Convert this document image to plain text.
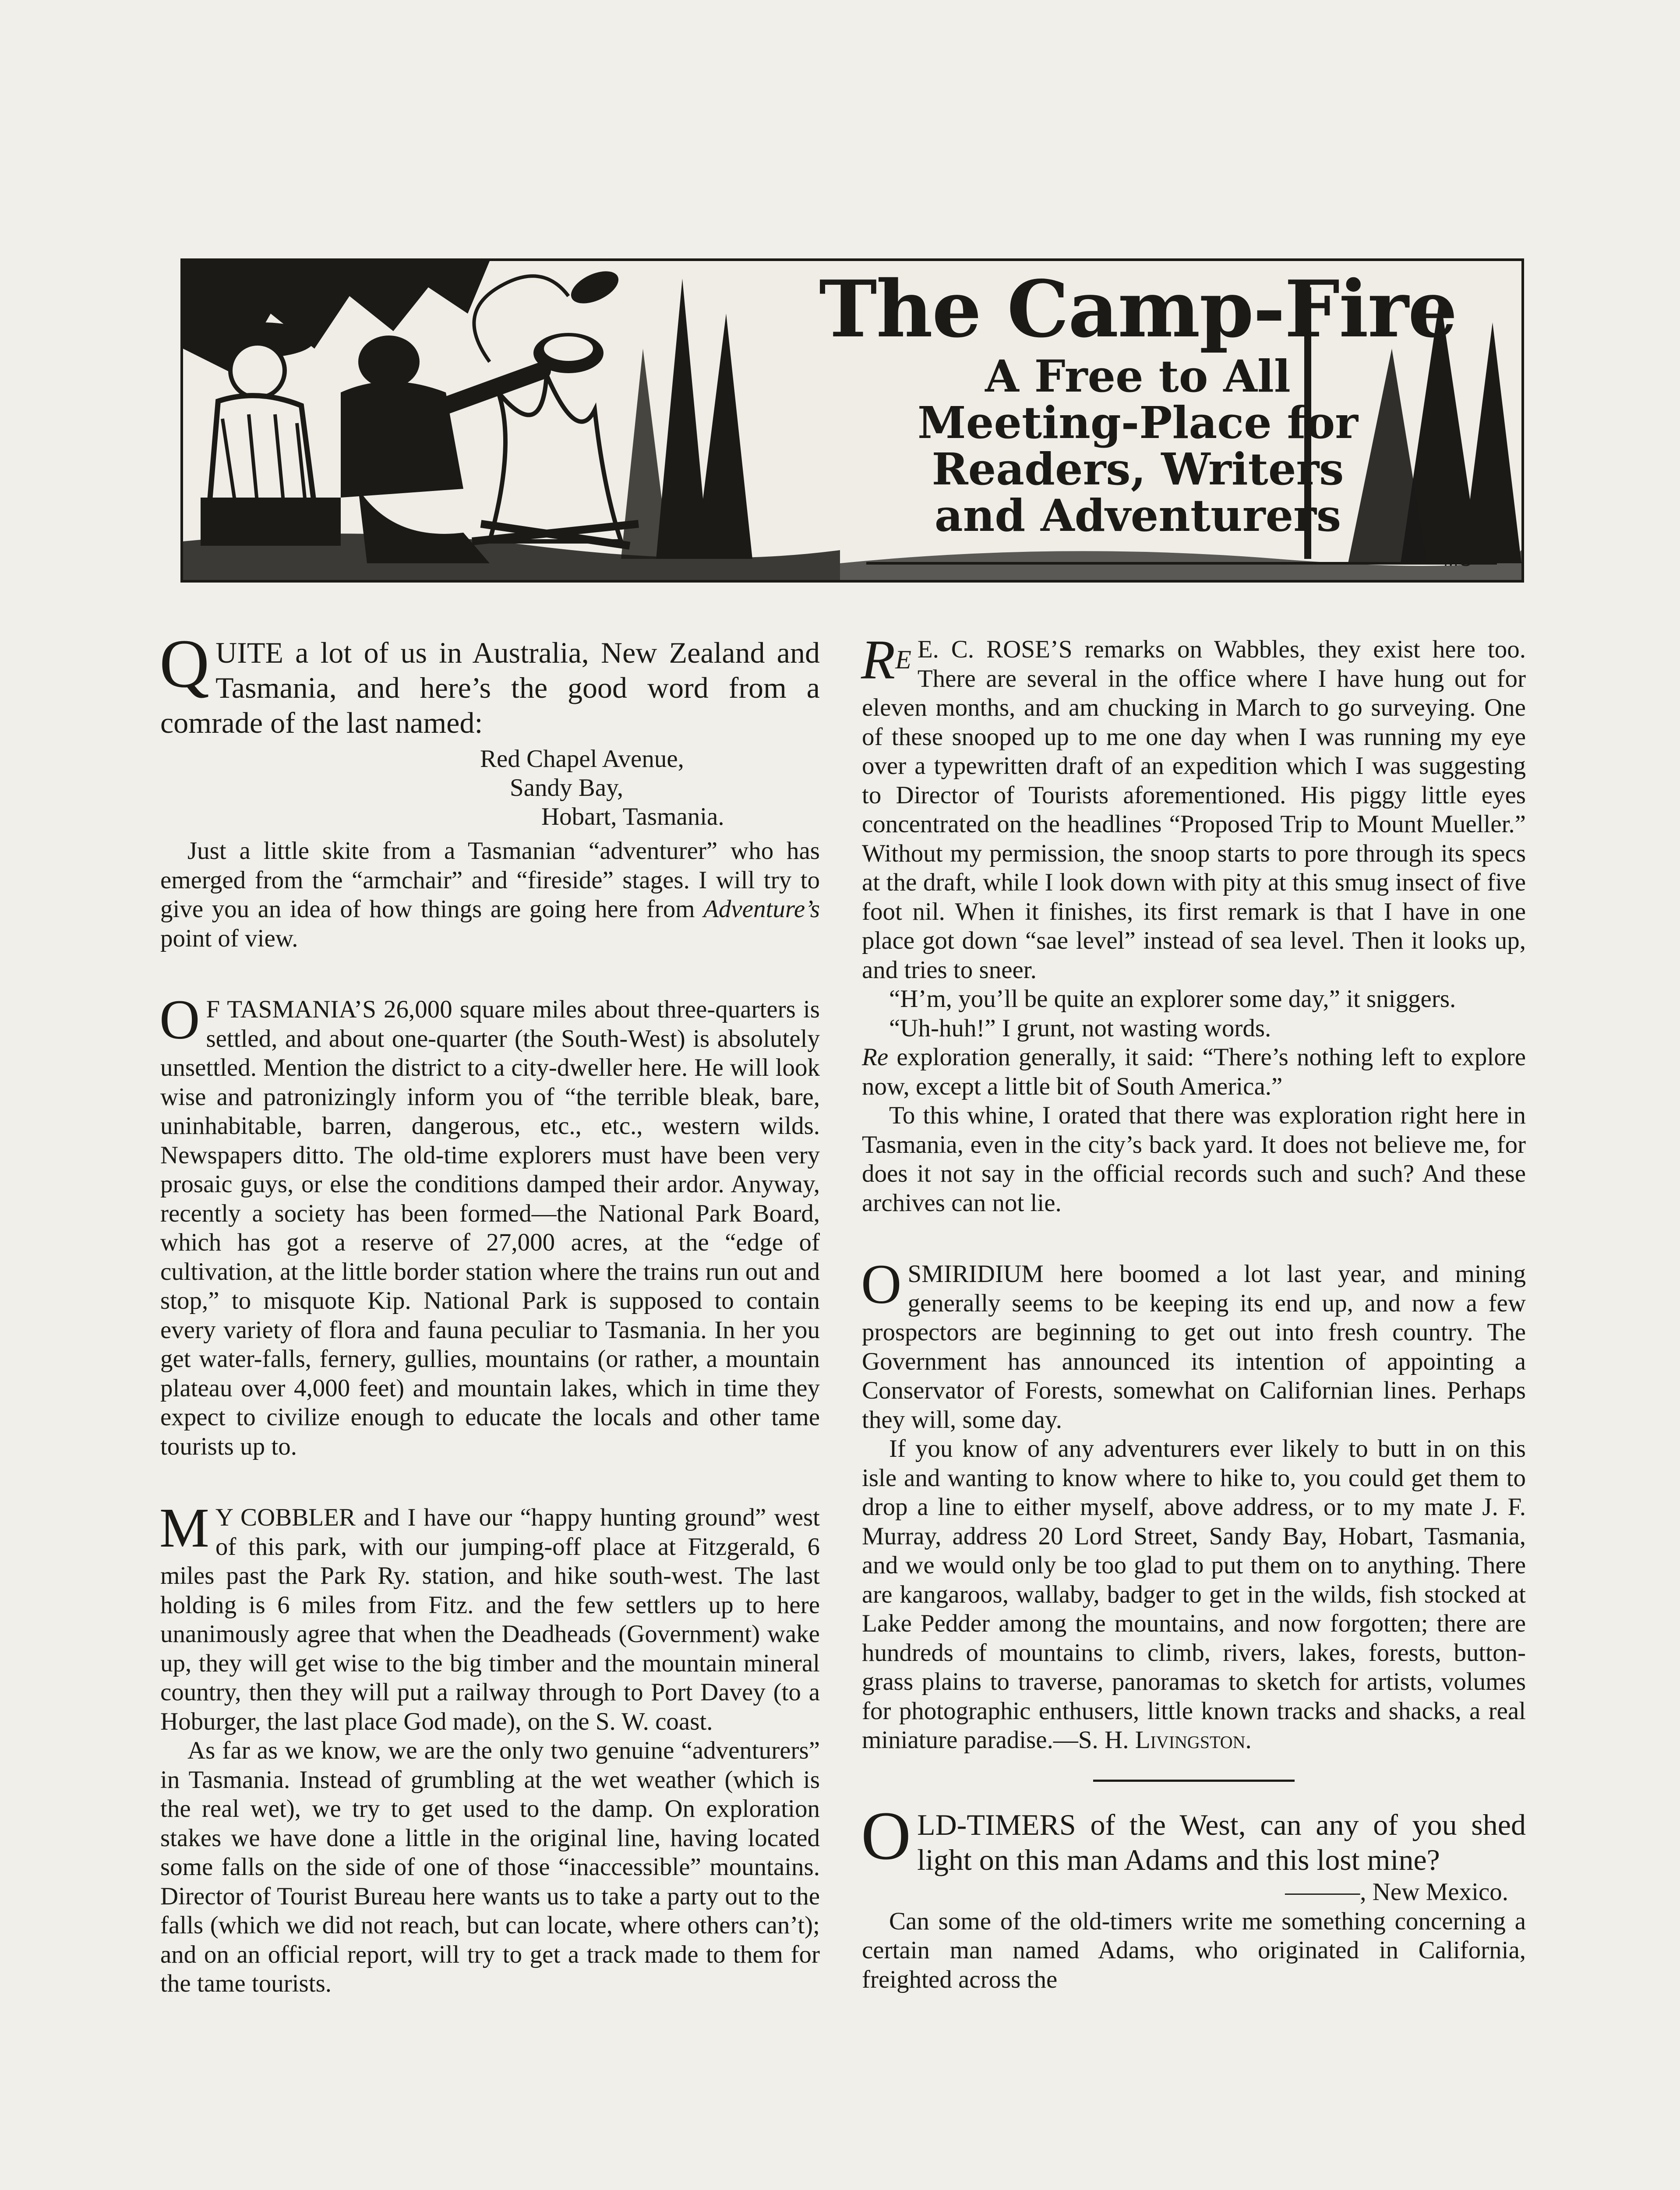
The Camp-Fire
A Free to All
Meeting-Place for
Readers, Writers
and Adventurers
MS

QUITE a lot of us in Australia, New Zealand and Tasmania, and here’s the good word from a comrade of the last named:

Red Chapel Avenue,
Sandy Bay,
Hobart, Tasmania.

Just a little skite from a Tasmanian “adventurer” who has emerged from the “armchair” and “fireside” stages. I will try to give you an idea of how things are going here from Adventure’s point of view.

O F TASMANIA’S 26,000 square miles about three-quarters is settled, and about one-quarter (the South-West) is absolutely unsettled. Mention the district to a city-dweller here. He will look wise and patronizingly inform you of “the terrible bleak, bare, uninhabitable, barren, dangerous, etc., etc., western wilds. Newspapers ditto. The old-time explorers must have been very prosaic guys, or else the conditions damped their ardor. Anyway, recently a society has been formed—the National Park Board, which has got a reserve of 27,000 acres, at the “edge of cultivation, at the little border station where the trains run out and stop,” to misquote Kip. National Park is supposed to contain every variety of flora and fauna peculiar to Tasmania. In her you get water-falls, fernery, gullies, mountains (or rather, a mountain plateau over 4,000 feet) and mountain lakes, which in time they expect to civilize enough to educate the locals and other tame tourists up to.

M Y COBBLER and I have our “happy hunting ground” west of this park, with our jumping-off place at Fitzgerald, 6 miles past the Park Ry. station, and hike south-west. The last holding is 6 miles from Fitz. and the few settlers up to here unanimously agree that when the Deadheads (Government) wake up, they will get wise to the big timber and the mountain mineral country, then they will put a railway through to Port Davey (to a Hoburger, the last place God made), on the S. W. coast.

As far as we know, we are the only two genuine “adventurers” in Tasmania. Instead of grumbling at the wet weather (which is the real wet), we try to get used to the damp. On exploration stakes we have done a little in the original line, having located some falls on the side of one of those “inaccessible” mountains. Director of Tourist Bureau here wants us to take a party out to the falls (which we did not reach, but can locate, where others can’t); and on an official report, will try to get a track made to them for the tame tourists.

$R^E$ E. C. ROSE’S remarks on Wabbles, they exist here too. There are several in the office where I have hung out for eleven months, and am chucking in March to go surveying. One of these snooped up to me one day when I was running my eye over a typewritten draft of an expedition which I was suggesting to Director of Tourists aforementioned. His piggy little eyes concentrated on the headlines “Proposed Trip to Mount Mueller.” Without my permission, the snoop starts to pore through its specs at the draft, while I look down with pity at this smug insect of five foot nil. When it finishes, its first remark is that I have in one place got down “sae level” instead of sea level. Then it looks up, and tries to sneer.

“H’m, you’ll be quite an explorer some day,” it sniggers.

“Uh-huh!” I grunt, not wasting words.

Re exploration generally, it said: “There’s nothing left to explore now, except a little bit of South America.”

To this whine, I orated that there was exploration right here in Tasmania, even in the city’s back yard. It does not believe me, for does it not say in the official records such and such? And these archives can not lie.

OSMIRIDIUM here boomed a lot last year, and mining generally seems to be keeping its end up, and now a few prospectors are beginning to get out into fresh country. The Government has announced its intention of appointing a Conservator of Forests, somewhat on Californian lines. Perhaps they will, some day.

If you know of any adventurers ever likely to butt in on this isle and wanting to know where to hike to, you could get them to drop a line to either myself, above address, or to my mate J. F. Murray, address 20 Lord Street, Sandy Bay, Hobart, Tasmania, and we would only be too glad to put them on to anything. There are kangaroos, wallaby, badger to get in the wilds, fish stocked at Lake Pedder among the mountains, and now forgotten; there are hundreds of mountains to climb, rivers, lakes, forests, button-grass plains to traverse, panoramas to sketch for artists, volumes for photographic enthusers, little known tracks and shacks, a real miniature paradise.—S. H. Livingston.

OLD-TIMERS of the West, can any of you shed light on this man Adams and this lost mine?

———, New Mexico.

Can some of the old-timers write me something concerning a certain man named Adams, who originated in California, freighted across the
